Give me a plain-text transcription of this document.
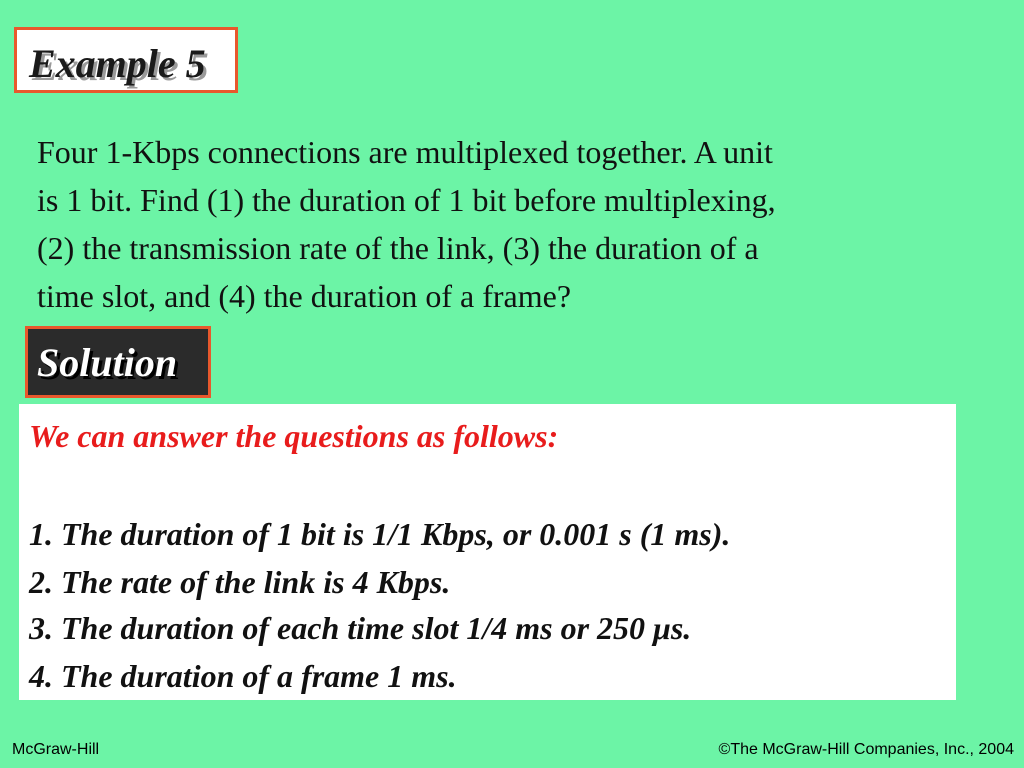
Example 5
Four 1-Kbps connections are multiplexed together. A unit
is 1 bit. Find (1) the duration of 1 bit before multiplexing,
(2) the transmission rate of the link, (3) the duration of a
time slot, and (4) the duration of a frame?
Solution
We can answer the questions as follows:
1. The duration of 1 bit is 1/1 Kbps, or 0.001 s (1 ms).
2. The rate of the link is 4 Kbps.
3. The duration of each time slot 1/4 ms or 250 μs.
4. The duration of a frame 1 ms.
McGraw-Hill	©The McGraw-Hill Companies, Inc., 2004
